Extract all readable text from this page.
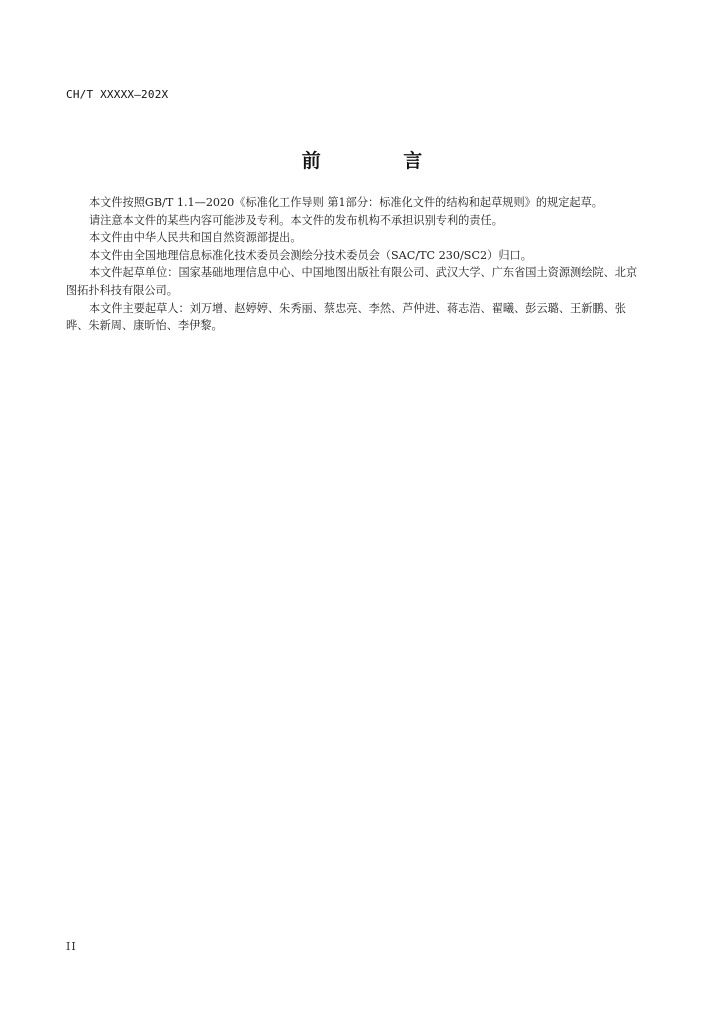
CH/T XXXXX—202X
前 言

本文件按照GB/T 1.1—2020《标准化工作导则 第1部分：标准化文件的结构和起草规则》的规定起草。

请注意本文件的某些内容可能涉及专利。本文件的发布机构不承担识别专利的责任。

本文件由中华人民共和国自然资源部提出。

本文件由全国地理信息标准化技术委员会测绘分技术委员会（SAC/TC 230/SC2）归口。

本文件起草单位：国家基础地理信息中心、中国地图出版社有限公司、武汉大学、广东省国土资源测绘院、北京图拓扑科技有限公司。

本文件主要起草人：刘万增、赵婷婷、朱秀丽、蔡忠亮、李然、芦仲进、蒋志浩、翟曦、彭云璐、王新鹏、张晔、朱新周、康昕怡、李伊黎。

II
